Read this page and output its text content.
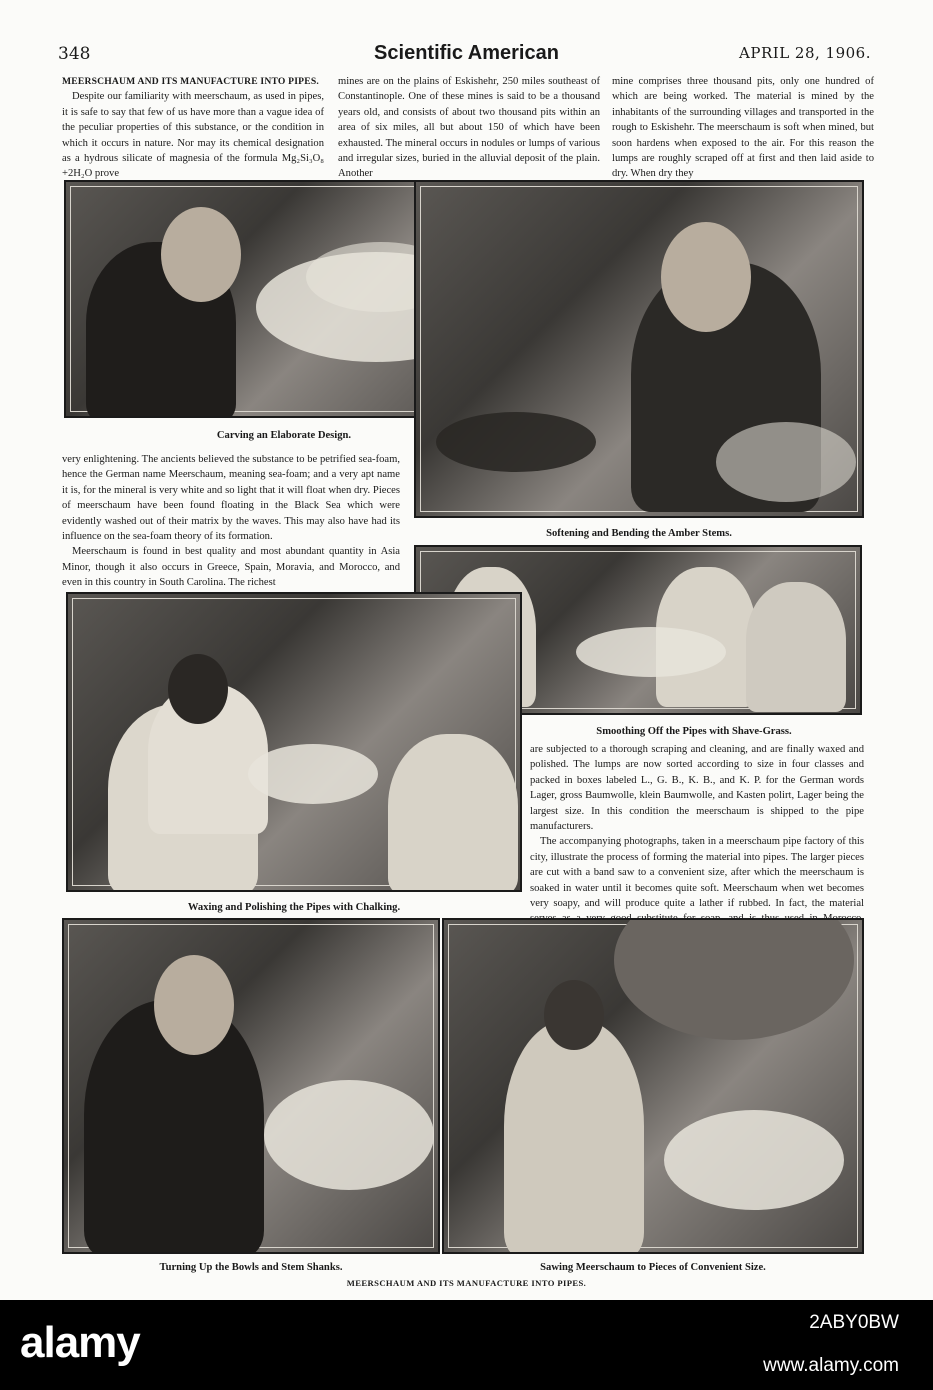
348	Scientific American	APRIL 28, 1906.

MEERSCHAUM AND ITS MANUFACTURE INTO PIPES.

Despite our familiarity with meerschaum, as used in pipes, it is safe to say that few of us have more than a vague idea of the peculiar properties of this substance, or the condition in which it occurs in nature. Nor may its chemical designation as a hydrous silicate of magnesia of the formula Mg₂Si₃O₈ +2H₂O prove

mines are on the plains of Eskishehr, 250 miles southeast of Constantinople. One of these mines is said to be a thousand years old, and consists of about two thousand pits within an area of six miles, all but about 150 of which have been exhausted. The mineral occurs in nodules or lumps of various and irregular sizes, buried in the alluvial deposit of the plain. Another

mine comprises three thousand pits, only one hundred of which are being worked. The material is mined by the inhabitants of the surrounding villages and transported in the rough to Eskishehr. The meerschaum is soft when mined, but soon hardens when exposed to the air. For this reason the lumps are roughly scraped off at first and then laid aside to dry. When dry they

Carving an Elaborate Design.
Softening and Bending the Amber Stems.

very enlightening. The ancients believed the substance to be petrified sea-foam, hence the German name Meerschaum, meaning sea-foam; and a very apt name it is, for the mineral is very white and so light that it will float when dry. Pieces of meerschaum have been found floating in the Black Sea which were evidently washed out of their matrix by the waves. This may also have had its influence on the sea-foam theory of its formation.

Meerschaum is found in best quality and most abundant quantity in Asia Minor, though it also occurs in Greece, Spain, Moravia, and Morocco, and even in this country in South Carolina. The richest

Smoothing Off the Pipes with Shave-Grass.
Waxing and Polishing the Pipes with Chalking.

are subjected to a thorough scraping and cleaning, and are finally waxed and polished. The lumps are now sorted according to size in four classes and packed in boxes labeled L., G. B., K. B., and K. P. for the German words Lager, gross Baumwolle, klein Baumwolle, and Kasten polirt, Lager being the largest size. In this condition the meerschaum is shipped to the pipe manufacturers.

The accompanying photographs, taken in a meerschaum pipe factory of this city, illustrate the process of forming the material into pipes. The larger pieces are cut with a band saw to a convenient size, after which the meerschaum is soaked in water until it becomes quite soft. Meerschaum when wet becomes very soapy, and will produce quite a lather if rubbed. In fact, the material

Turning Up the Bowls and Stem Shanks.	Sawing Meerschaum to Pieces of Convenient Size.
MEERSCHAUM AND ITS MANUFACTURE INTO PIPES.
alamy	2ABY0BW
www.alamy.com
